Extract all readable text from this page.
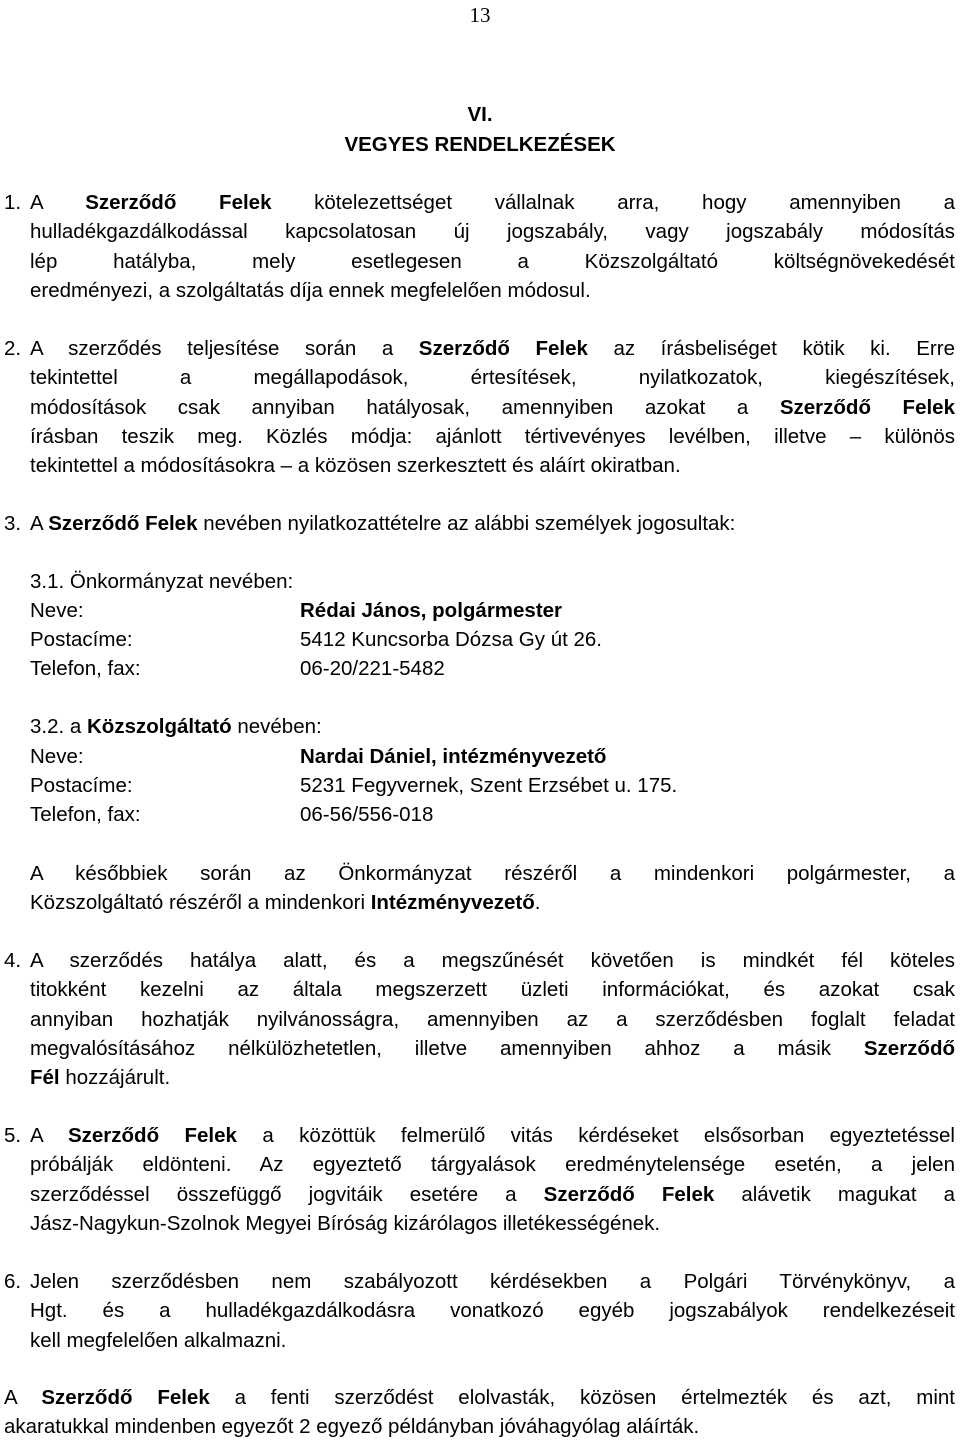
13
VI.
VEGYES RENDELKEZÉSEK
1. A Szerződő Felek kötelezettséget vállalnak arra, hogy amennyiben a
hulladékgazdálkodással kapcsolatosan új jogszabály, vagy jogszabály módosítás
lép hatályba, mely esetlegesen a Közszolgáltató költségnövekedését
eredményezi, a szolgáltatás díja ennek megfelelően módosul.
2. A szerződés teljesítése során a Szerződő Felek az írásbeliséget kötik ki. Erre
tekintettel a megállapodások, értesítések, nyilatkozatok, kiegészítések,
módosítások csak annyiban hatályosak, amennyiben azokat a Szerződő Felek
írásban teszik meg. Közlés módja: ajánlott tértivevényes levélben, illetve – különös
tekintettel a módosításokra – a közösen szerkesztett és aláírt okiratban.
3. A Szerződő Felek nevében nyilatkozattételre az alábbi személyek jogosultak:
3.1. Önkormányzat nevében:
Neve:	Rédai János, polgármester
Postacíme:	5412 Kuncsorba Dózsa Gy út 26.
Telefon, fax:	06-20/221-5482
3.2. a Közszolgáltató nevében:
Neve:	Nardai Dániel, intézményvezető
Postacíme:	5231 Fegyvernek, Szent Erzsébet u. 175.
Telefon, fax:	06-56/556-018
A későbbiek során az Önkormányzat részéről a mindenkori polgármester, a
Közszolgáltató részéről a mindenkori Intézményvezető.
4. A szerződés hatálya alatt, és a megszűnését követően is mindkét fél köteles
titokként kezelni az általa megszerzett üzleti információkat, és azokat csak
annyiban hozhatják nyilvánosságra, amennyiben az a szerződésben foglalt feladat
megvalósításához nélkülözhetetlen, illetve amennyiben ahhoz a másik Szerződő
Fél hozzájárult.
5. A Szerződő Felek a közöttük felmerülő vitás kérdéseket elsősorban egyeztetéssel
próbálják eldönteni. Az egyeztető tárgyalások eredménytelensége esetén, a jelen
szerződéssel összefüggő jogvitáik esetére a Szerződő Felek alávetik magukat a
Jász-Nagykun-Szolnok Megyei Bíróság kizárólagos illetékességének.
6. Jelen szerződésben nem szabályozott kérdésekben a Polgári Törvénykönyv, a
Hgt. és a hulladékgazdálkodásra vonatkozó egyéb jogszabályok rendelkezéseit
kell megfelelően alkalmazni.
A Szerződő Felek a fenti szerződést elolvasták, közösen értelmezték és azt, mint
akaratukkal mindenben egyezőt 2 egyező példányban jóváhagyólag aláírták.
